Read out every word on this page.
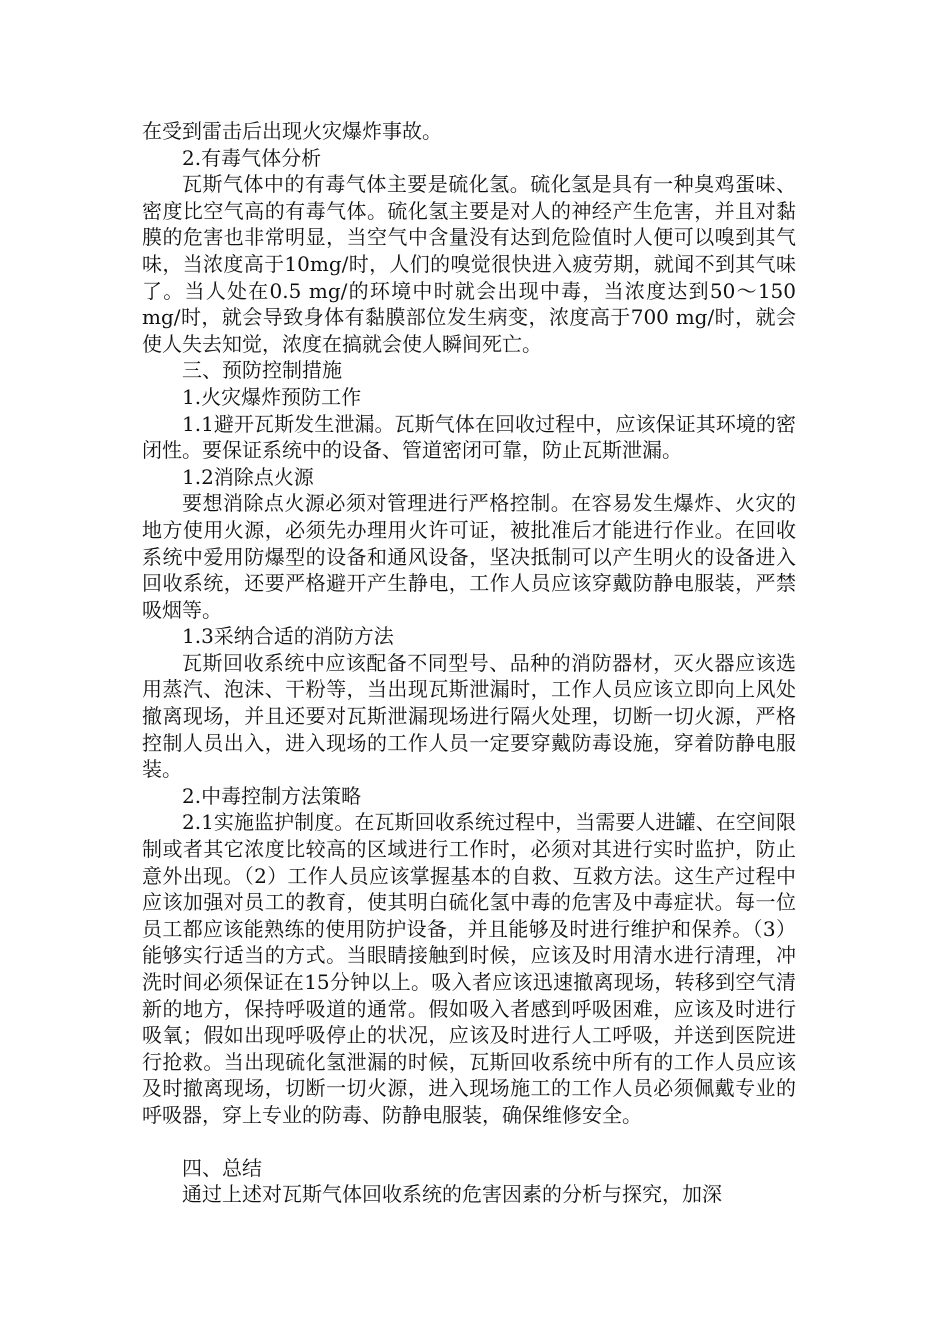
在受到雷击后出现火灾爆炸事故。

2.有毒气体分析

瓦斯气体中的有毒气体主要是硫化氢。硫化氢是具有一种臭鸡蛋味、密度比空气高的有毒气体。硫化氢主要是对人的神经产生危害，并且对黏膜的危害也非常明显，当空气中含量没有达到危险值时人便可以嗅到其气味，当浓度高于10mg/时，人们的嗅觉很快进入疲劳期，就闻不到其气味了。当人处在0.5 mg/的环境中时就会出现中毒，当浓度达到50～150 mg/时，就会导致身体有黏膜部位发生病变，浓度高于700 mg/时，就会使人失去知觉，浓度在搞就会使人瞬间死亡。

三、预防控制措施

1.火灾爆炸预防工作

1.1避开瓦斯发生泄漏。瓦斯气体在回收过程中，应该保证其环境的密闭性。要保证系统中的设备、管道密闭可靠，防止瓦斯泄漏。

1.2消除点火源

要想消除点火源必须对管理进行严格控制。在容易发生爆炸、火灾的地方使用火源，必须先办理用火许可证，被批准后才能进行作业。在回收系统中爱用防爆型的设备和通风设备，坚决抵制可以产生明火的设备进入回收系统，还要严格避开产生静电，工作人员应该穿戴防静电服装，严禁吸烟等。

1.3采纳合适的消防方法

瓦斯回收系统中应该配备不同型号、品种的消防器材，灭火器应该选用蒸汽、泡沫、干粉等，当出现瓦斯泄漏时，工作人员应该立即向上风处撤离现场，并且还要对瓦斯泄漏现场进行隔火处理，切断一切火源，严格控制人员出入，进入现场的工作人员一定要穿戴防毒设施，穿着防静电服装。

2.中毒控制方法策略

2.1实施监护制度。在瓦斯回收系统过程中，当需要人进罐、在空间限制或者其它浓度比较高的区域进行工作时，必须对其进行实时监护，防止意外出现。（2）工作人员应该掌握基本的自救、互救方法。这生产过程中应该加强对员工的教育，使其明白硫化氢中毒的危害及中毒症状。每一位员工都应该能熟练的使用防护设备，并且能够及时进行维护和保养。（3）能够实行适当的方式。当眼睛接触到时候，应该及时用清水进行清理，冲洗时间必须保证在15分钟以上。吸入者应该迅速撤离现场，转移到空气清新的地方，保持呼吸道的通常。假如吸入者感到呼吸困难，应该及时进行吸氧；假如出现呼吸停止的状况，应该及时进行人工呼吸，并送到医院进行抢救。当出现硫化氢泄漏的时候，瓦斯回收系统中所有的工作人员应该及时撤离现场，切断一切火源，进入现场施工的工作人员必须佩戴专业的呼吸器，穿上专业的防毒、防静电服装，确保维修安全。

四、总结

通过上述对瓦斯气体回收系统的危害因素的分析与探究，加深
